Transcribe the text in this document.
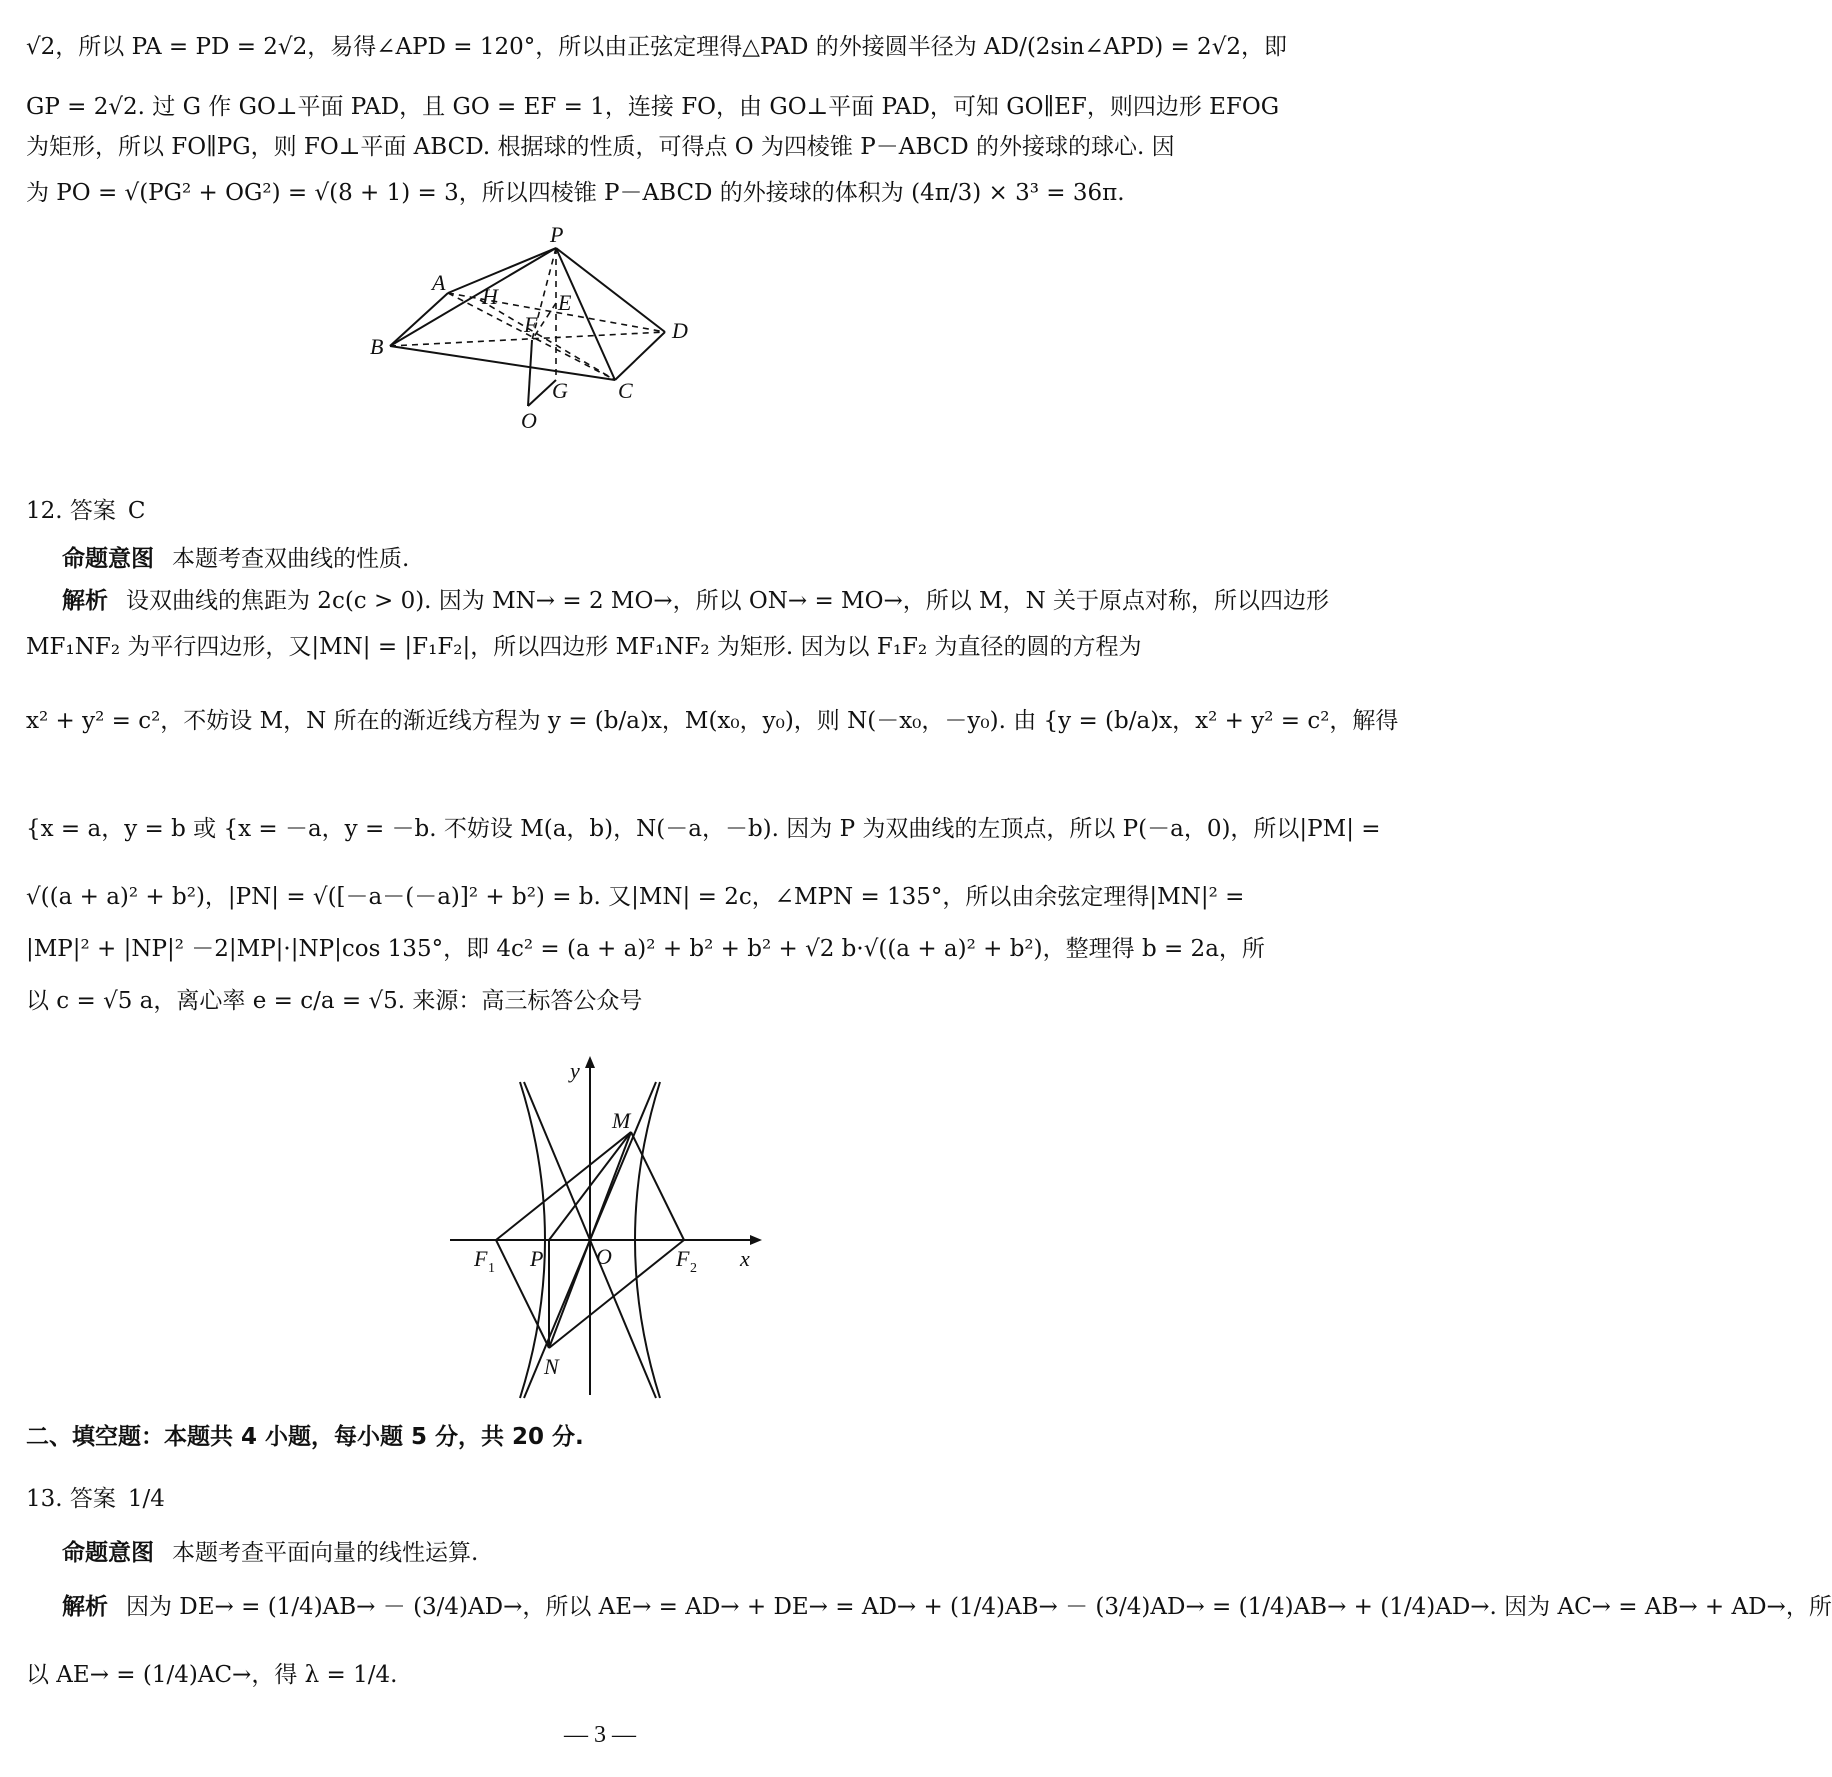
√2，所以 PA = PD = 2√2，易得∠APD = 120°，所以由正弦定理得△PAD 的外接圆半径为 AD/(2sin∠APD) = 2√2，即
GP = 2√2. 过 G 作 GO⊥平面 PAD，且 GO = EF = 1，连接 FO，由 GO⊥平面 PAD，可知 GO∥EF，则四边形 EFOG
为矩形，所以 FO∥PG，则 FO⊥平面 ABCD. 根据球的性质，可得点 O 为四棱锥 P－ABCD 的外接球的球心. 因
为 PO = √(PG² + OG²) = √(8 + 1) = 3，所以四棱锥 P－ABCD 的外接球的体积为 (4π/3) × 3³ = 36π.
P
A
H	E
F	D
B
G C
O
12. 答案 C
命题意图 本题考查双曲线的性质.
解析 设双曲线的焦距为 2c(c > 0). 因为 MN→ = 2 MO→，所以 ON→ = MO→，所以 M，N 关于原点对称，所以四边形
MF₁NF₂ 为平行四边形，又|MN| = |F₁F₂|，所以四边形 MF₁NF₂ 为矩形. 因为以 F₁F₂ 为直径的圆的方程为
x² + y² = c²，不妨设 M，N 所在的渐近线方程为 y = (b/a)x，M(x₀，y₀)，则 N(－x₀，－y₀). 由 {y = (b/a)x，x² + y² = c²，解得
{x = a，y = b 或 {x = －a，y = －b. 不妨设 M(a，b)，N(－a，－b). 因为 P 为双曲线的左顶点，所以 P(－a，0)，所以|PM| =
√((a + a)² + b²)，|PN| = √([－a－(－a)]² + b²) = b. 又|MN| = 2c，∠MPN = 135°，所以由余弦定理得|MN|² =
|MP|² + |NP|² －2|MP|·|NP|cos 135°，即 4c² = (a + a)² + b² + b² + √2 b·√((a + a)² + b²)，整理得 b = 2a，所
以 c = √5 a，离心率 e = c/a = √5. 来源：高三标答公众号
y
M
F 1 P O	F 2 x
N
二、填空题：本题共 4 小题，每小题 5 分，共 20 分.
13. 答案 1/4
命题意图 本题考查平面向量的线性运算.
解析 因为 DE→ = (1/4)AB→ － (3/4)AD→，所以 AE→ = AD→ + DE→ = AD→ + (1/4)AB→ － (3/4)AD→ = (1/4)AB→ + (1/4)AD→. 因为 AC→ = AB→ + AD→，所
以 AE→ = (1/4)AC→，得 λ = 1/4.
— 3 —
